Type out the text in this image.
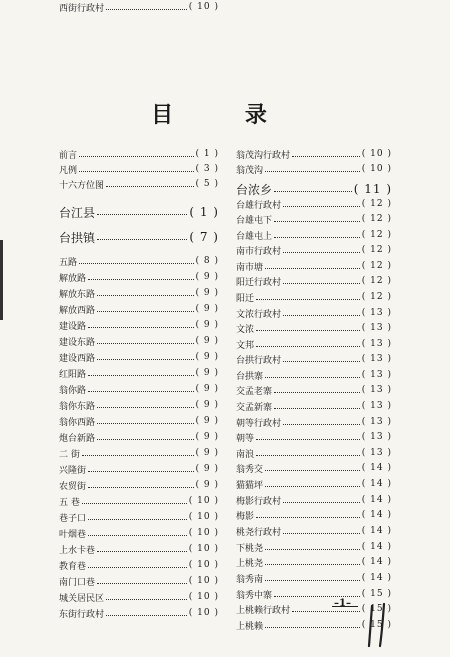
目 录
前言	( 1 )
凡例	( 3 )
十六方位图	( 5 )
台江县	( 1 )
台拱镇	( 7 )
五路	( 8 )
解放路	( 9 )
解放东路	( 9 )
解放西路	( 9 )
建设路	( 9 )
建设东路	( 9 )
建设西路	( 9 )
红阳路	( 9 )
翁你路	( 9 )
翁你东路	( 9 )
翁你西路	( 9 )
炮台新路	( 9 )
二 街	( 9 )
兴隆街	( 9 )
农贸街	( 9 )
五 巷	( 10 )
巷子口	( 10 )
叶烟巷	( 10 )
上水卡巷	( 10 )
教育巷	( 10 )
南门口巷	( 10 )
城关居民区	( 10 )
东街行政村	( 10 )
西街行政村	( 10 )
翁茂沟行政村	( 10 )
翁茂沟	( 10 )
台浓乡	( 11 )
台雄行政村	( 12 )
台雄屯下	( 12 )
台雄屯上	( 12 )
南市行政村	( 12 )
南市塘	( 12 )
阳迁行政村	( 12 )
阳迁	( 12 )
文浓行政村	( 13 )
文浓	( 13 )
文邦	( 13 )
台拱行政村	( 13 )
台拱寨	( 13 )
交孟老寨	( 13 )
交孟新寨	( 13 )
朝等行政村	( 13 )
朝等	( 13 )
南浪	( 13 )
翁秀交	( 14 )
猫猫坪	( 14 )
梅影行政村	( 14 )
梅影	( 14 )
桃尧行政村	( 14 )
下桃尧	( 14 )
上桃尧	( 14 )
翁秀南	( 14 )
翁秀中寨	( 15 )
上桃赖行政村	( 15 )
上桃赖	( 15 )
–1–
